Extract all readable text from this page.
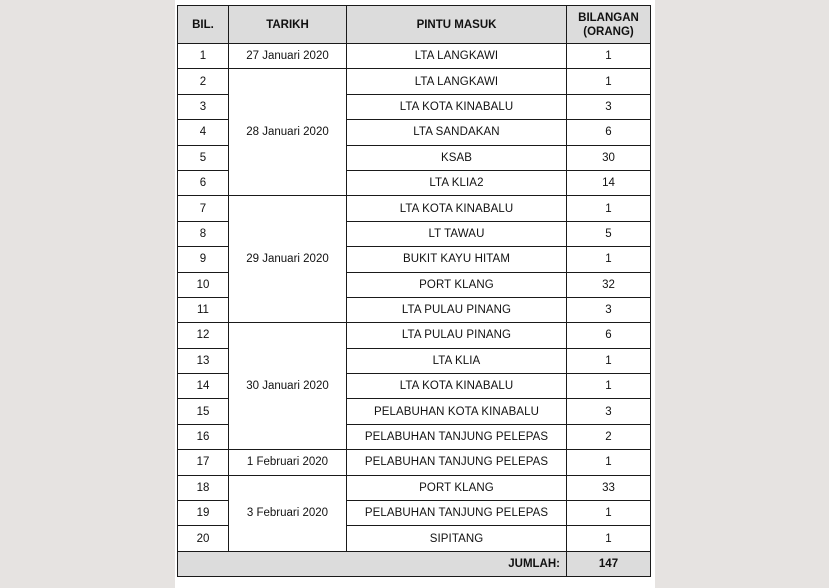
BIL.	TARIKH	PINTU MASUK	BILANGAN
(ORANG)
1	27 Januari 2020	LTA LANGKAWI	1
2	28 Januari 2020	LTA LANGKAWI	1
3		LTA KOTA KINABALU	3
4		LTA SANDAKAN	6
5		KSAB	30
6		LTA KLIA2	14
7	29 Januari 2020	LTA KOTA KINABALU	1
8		LT TAWAU	5
9		BUKIT KAYU HITAM	1
10		PORT KLANG	32
11		LTA PULAU PINANG	3
12	30 Januari 2020	LTA PULAU PINANG	6
13		LTA KLIA	1
14		LTA KOTA KINABALU	1
15		PELABUHAN KOTA KINABALU	3
16		PELABUHAN TANJUNG PELEPAS	2
17	1 Februari 2020	PELABUHAN TANJUNG PELEPAS	1
18	3 Februari 2020	PORT KLANG	33
19		PELABUHAN TANJUNG PELEPAS	1
20		SIPITANG	1
JUMLAH:			147
